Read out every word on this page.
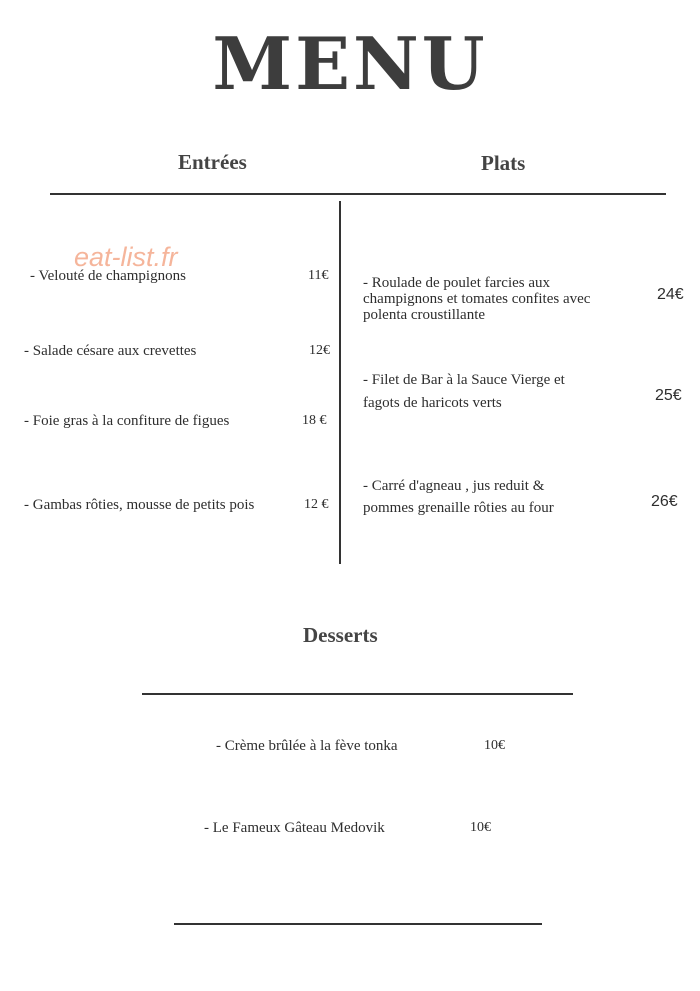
MENU
Entrées	Plats
eat-list.fr
- Velouté de champignons	11€
- Salade césare aux crevettes	12€
- Foie gras à la confiture de figues	18 €
- Gambas rôties, mousse de petits pois	12 €
- Roulade de poulet farcies aux
champignons et tomates confites avec
polenta croustillante
24€
- Filet de Bar à la Sauce Vierge et
fagots de haricots verts	25€
- Carré d'agneau , jus reduit &
pommes grenaille rôties au four	26€
Desserts
- Crème brûlée à la fève tonka	10€
- Le Fameux Gâteau Medovik	10€
